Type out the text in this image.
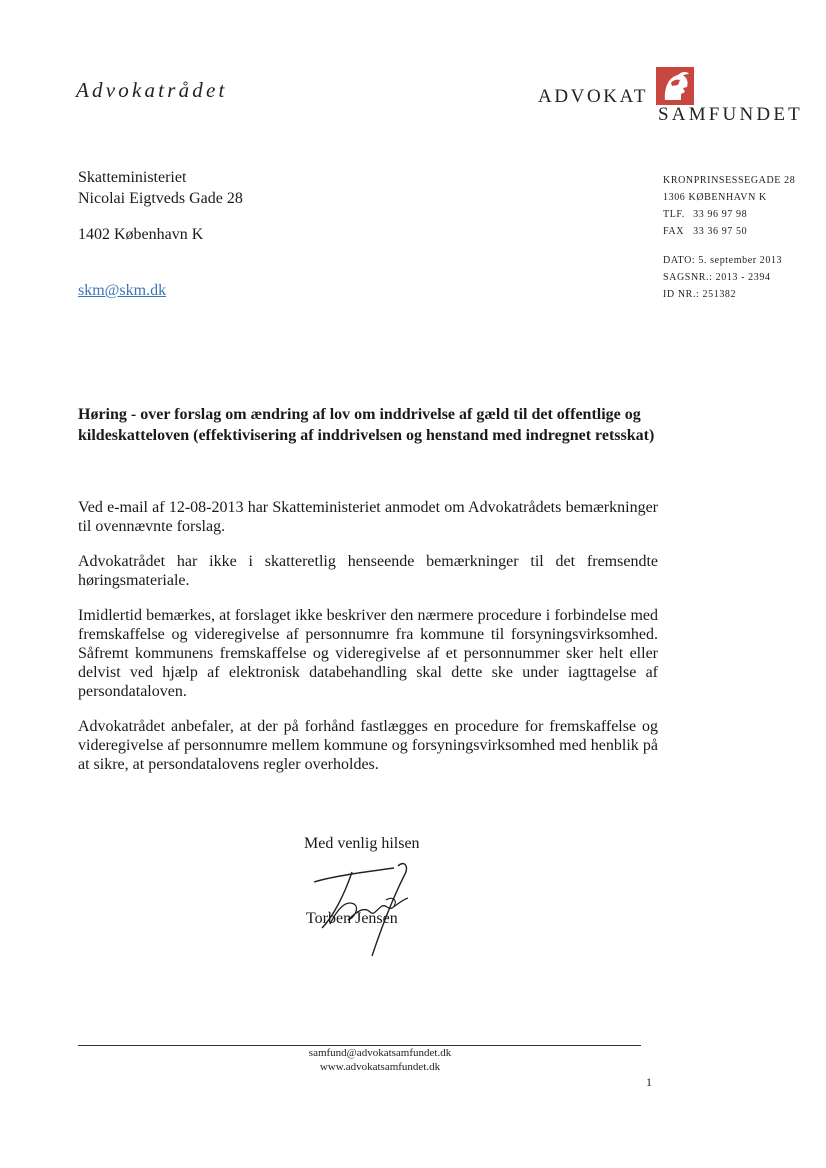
Advokatrådet	ADVOKAT
SAMFUNDET
Skatteministeriet
Nicolai Eigtveds Gade 28
1402 København K
skm@skm.dk
KRONPRINSESSEGADE 28
1306 KØBENHAVN K
TLF. 33 96 97 98
FAX 33 36 97 50
DATO: 5. september 2013
SAGSNR.: 2013 - 2394
ID NR.: 251382
Høring - over forslag om ændring af lov om inddrivelse af gæld til det offentlige og kildeskatteloven (effektivisering af inddrivelsen og henstand med indregnet retsskat)

Ved e-mail af 12-08-2013 har Skatteministeriet anmodet om Advokatrådets bemærkninger til ovennævnte forslag.

Advokatrådet har ikke i skatteretlig henseende bemærkninger til det fremsendte høringsmateriale.

Imidlertid bemærkes, at forslaget ikke beskriver den nærmere procedure i forbindelse med fremskaffelse og videregivelse af personnumre fra kommune til forsyningsvirksomhed. Såfremt kommunens fremskaffelse og videregivelse af et personnummer sker helt eller delvist ved hjælp af elektronisk databehandling skal dette ske under iagttagelse af persondataloven.

Advokatrådet anbefaler, at der på forhånd fastlægges en procedure for fremskaffelse og videregivelse af personnumre mellem kommune og forsyningsvirksomhed med henblik på at sikre, at persondatalovens regler overholdes.

Med venlig hilsen
Torben Jensen
samfund@advokatsamfundet.dk
www.advokatsamfundet.dk
1
